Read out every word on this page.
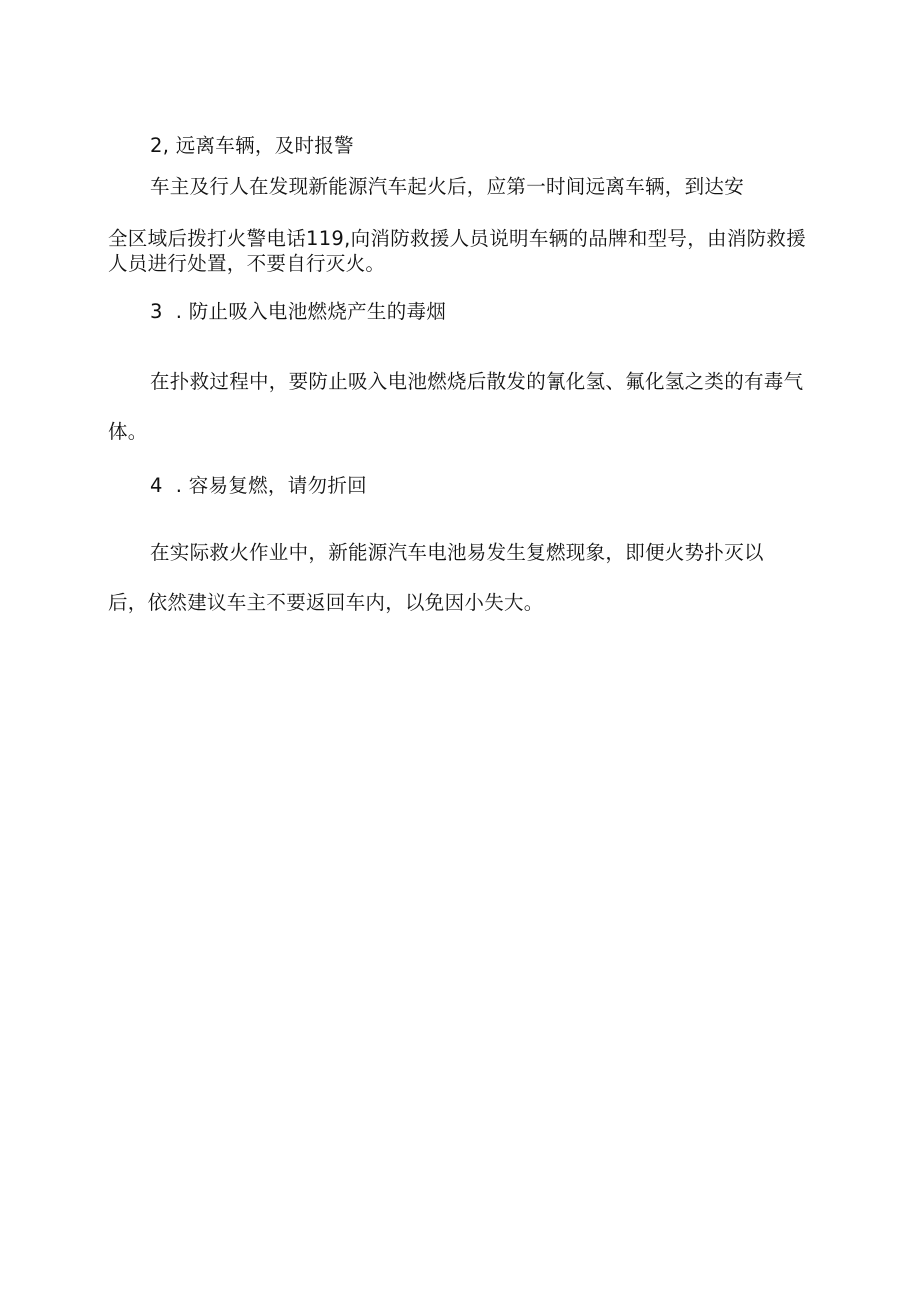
2, 远离车辆，及时报警
车主及行人在发现新能源汽车起火后，应第一时间远离车辆，到达安
全区域后拨打火警电话119,向消防救援人员说明车辆的品牌和型号，由消防救援
人员进行处置，不要自行灭火。
3 . 防止吸入电池燃烧产生的毒烟
在扑救过程中，要防止吸入电池燃烧后散发的氰化氢、氟化氢之类的有毒气
体。
4 . 容易复燃，请勿折回
在实际救火作业中，新能源汽车电池易发生复燃现象，即便火势扑灭以
后，依然建议车主不要返回车内，以免因小失大。
